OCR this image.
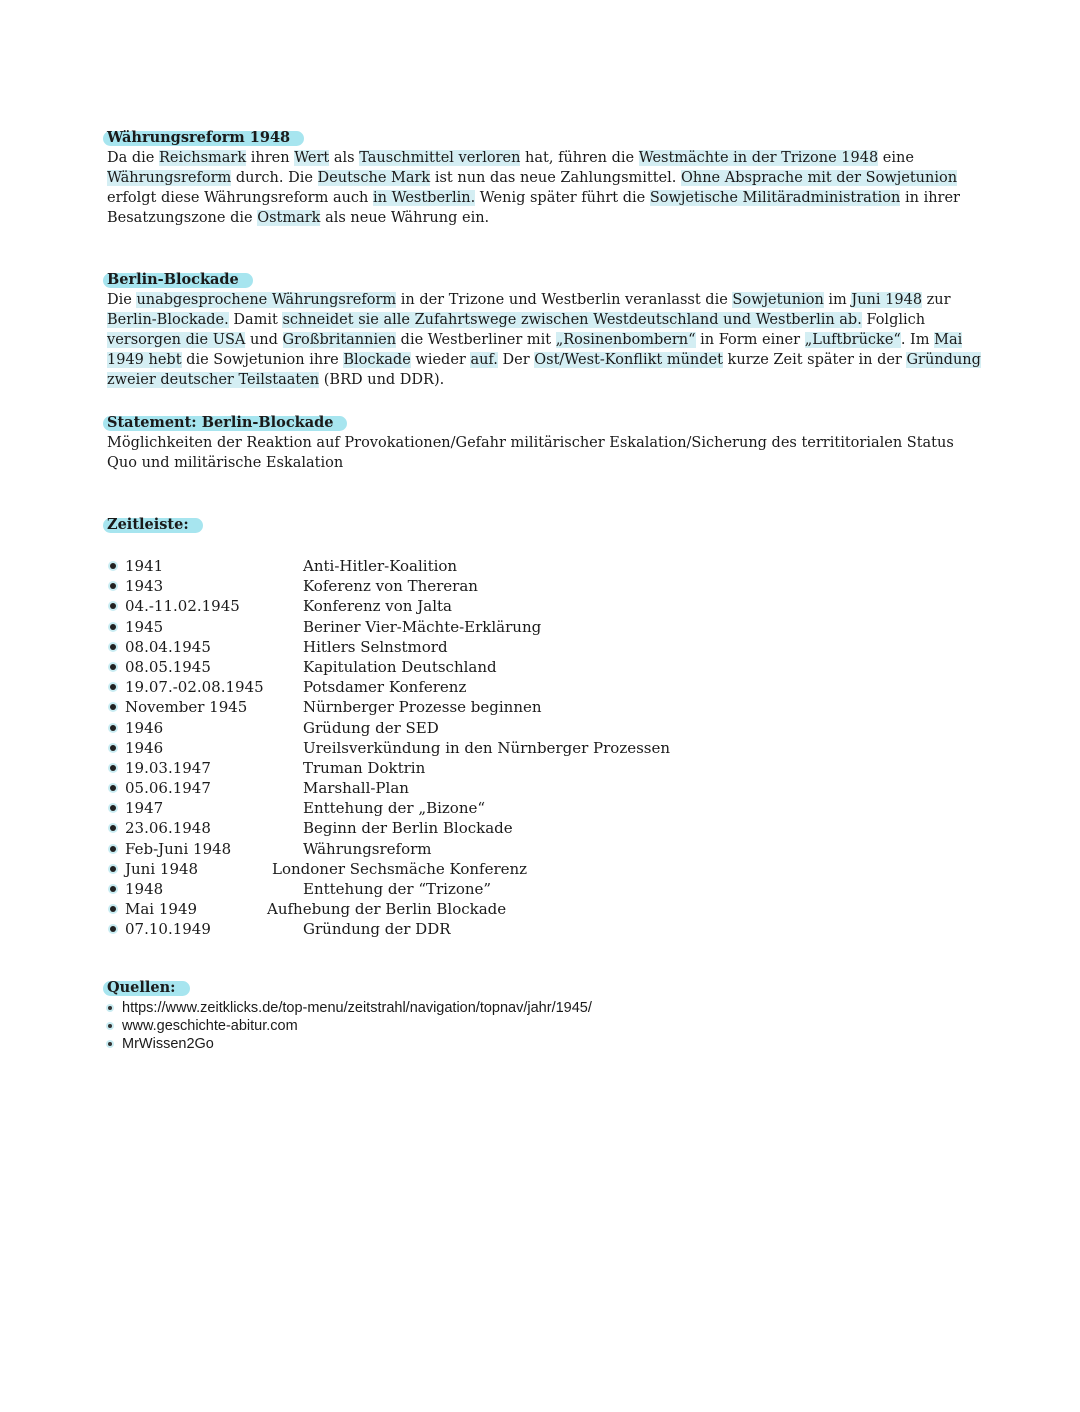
Währungsreform 1948

Da die Reichsmark ihren Wert als Tauschmittel verloren hat, führen die Westmächte in der Trizone 1948 eine Währungsreform durch. Die Deutsche Mark ist nun das neue Zahlungsmittel. Ohne Absprache mit der Sowjetunion erfolgt diese Währungsreform auch in Westberlin. Wenig später führt die Sowjetische Militäradministration in ihrer Besatzungszone die Ostmark als neue Währung ein.

Berlin-Blockade

Die unabgesprochene Währungsreform in der Trizone und Westberlin veranlasst die Sowjetunion im Juni 1948 zur Berlin-Blockade. Damit schneidet sie alle Zufahrtswege zwischen Westdeutschland und Westberlin ab. Folglich versorgen die USA und Großbritannien die Westberliner mit „Rosinenbombern“ in Form einer „Luftbrücke“. Im Mai 1949 hebt die Sowjetunion ihre Blockade wieder auf. Der Ost/West-Konflikt mündet kurze Zeit später in der Gründung zweier deutscher Teilstaaten (BRD und DDR).

Statement: Berlin-Blockade

Möglichkeiten der Reaktion auf Provokationen/Gefahr militärischer Eskalation/Sicherung des territitorialen Status Quo und militärische Eskalation

Zeitleiste:
1941	Anti-Hitler-Koalition
1943	Koferenz von Thereran
04.-11.02.1945	Konferenz von Jalta
1945	Beriner Vier-Mächte-Erklärung
08.04.1945	Hitlers Selnstmord
08.05.1945	Kapitulation Deutschland
19.07.-02.08.1945	Potsdamer Konferenz
November 1945	Nürnberger Prozesse beginnen
1946	Grüdung der SED
1946	Ureilsverkündung in den Nürnberger Prozessen
19.03.1947	Truman Doktrin
05.06.1947	Marshall-Plan
1947	Enttehung der „Bizone“
23.06.1948	Beginn der Berlin Blockade
Feb-Juni 1948	Währungsreform
Juni 1948	Londoner Sechsmäche Konferenz
1948	Enttehung der “Trizone”
Mai 1949	Aufhebung der Berlin Blockade
07.10.1949	Gründung der DDR
Quellen:
https://www.zeitklicks.de/top-menu/zeitstrahl/navigation/topnav/jahr/1945/
www.geschichte-abitur.com
MrWissen2Go
